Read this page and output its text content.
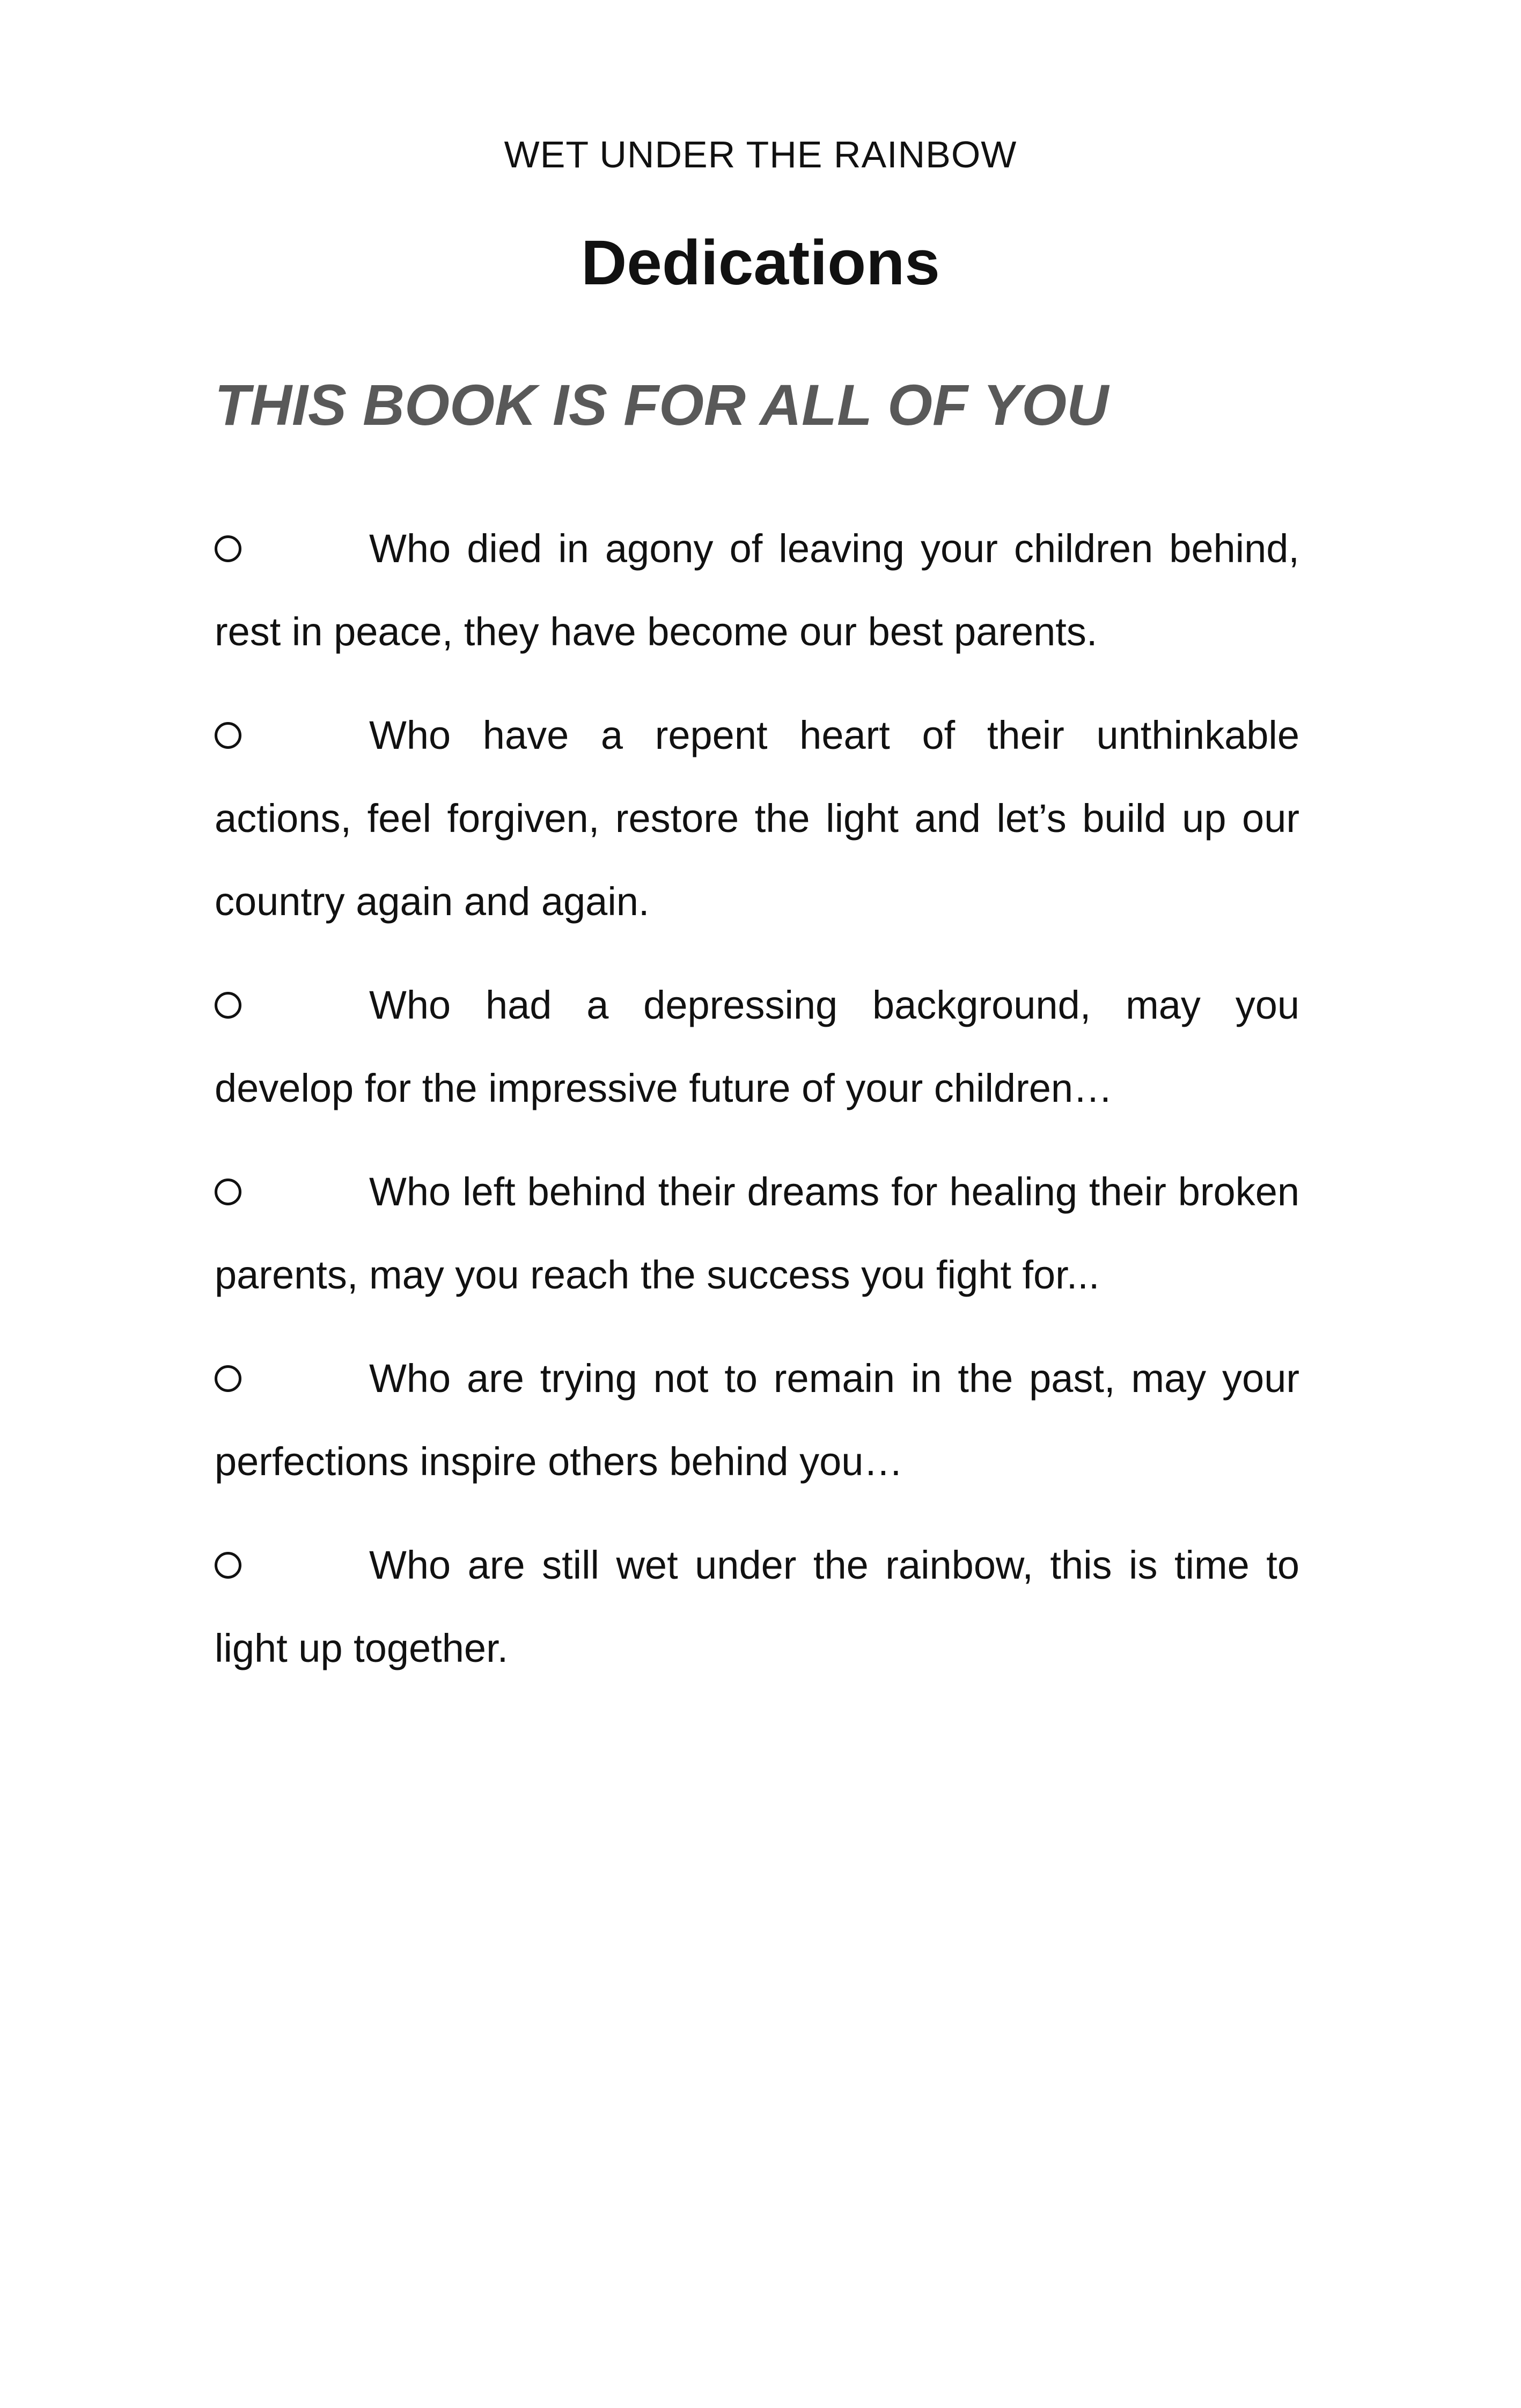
WET UNDER THE RAINBOW
Dedications
THIS BOOK IS FOR ALL OF YOU

Who died in agony of leaving your children behind, rest in peace, they have become our best parents.

Who have a repent heart of their unthinkable actions, feel forgiven, restore the light and let’s build up our country again and again.

Who had a depressing background, may you develop for the impressive future of your children…

Who left behind their dreams for healing their broken parents, may you reach the success you fight for...

Who are trying not to remain in the past, may your perfections inspire others behind you…

Who are still wet under the rainbow, this is time to light up together.
